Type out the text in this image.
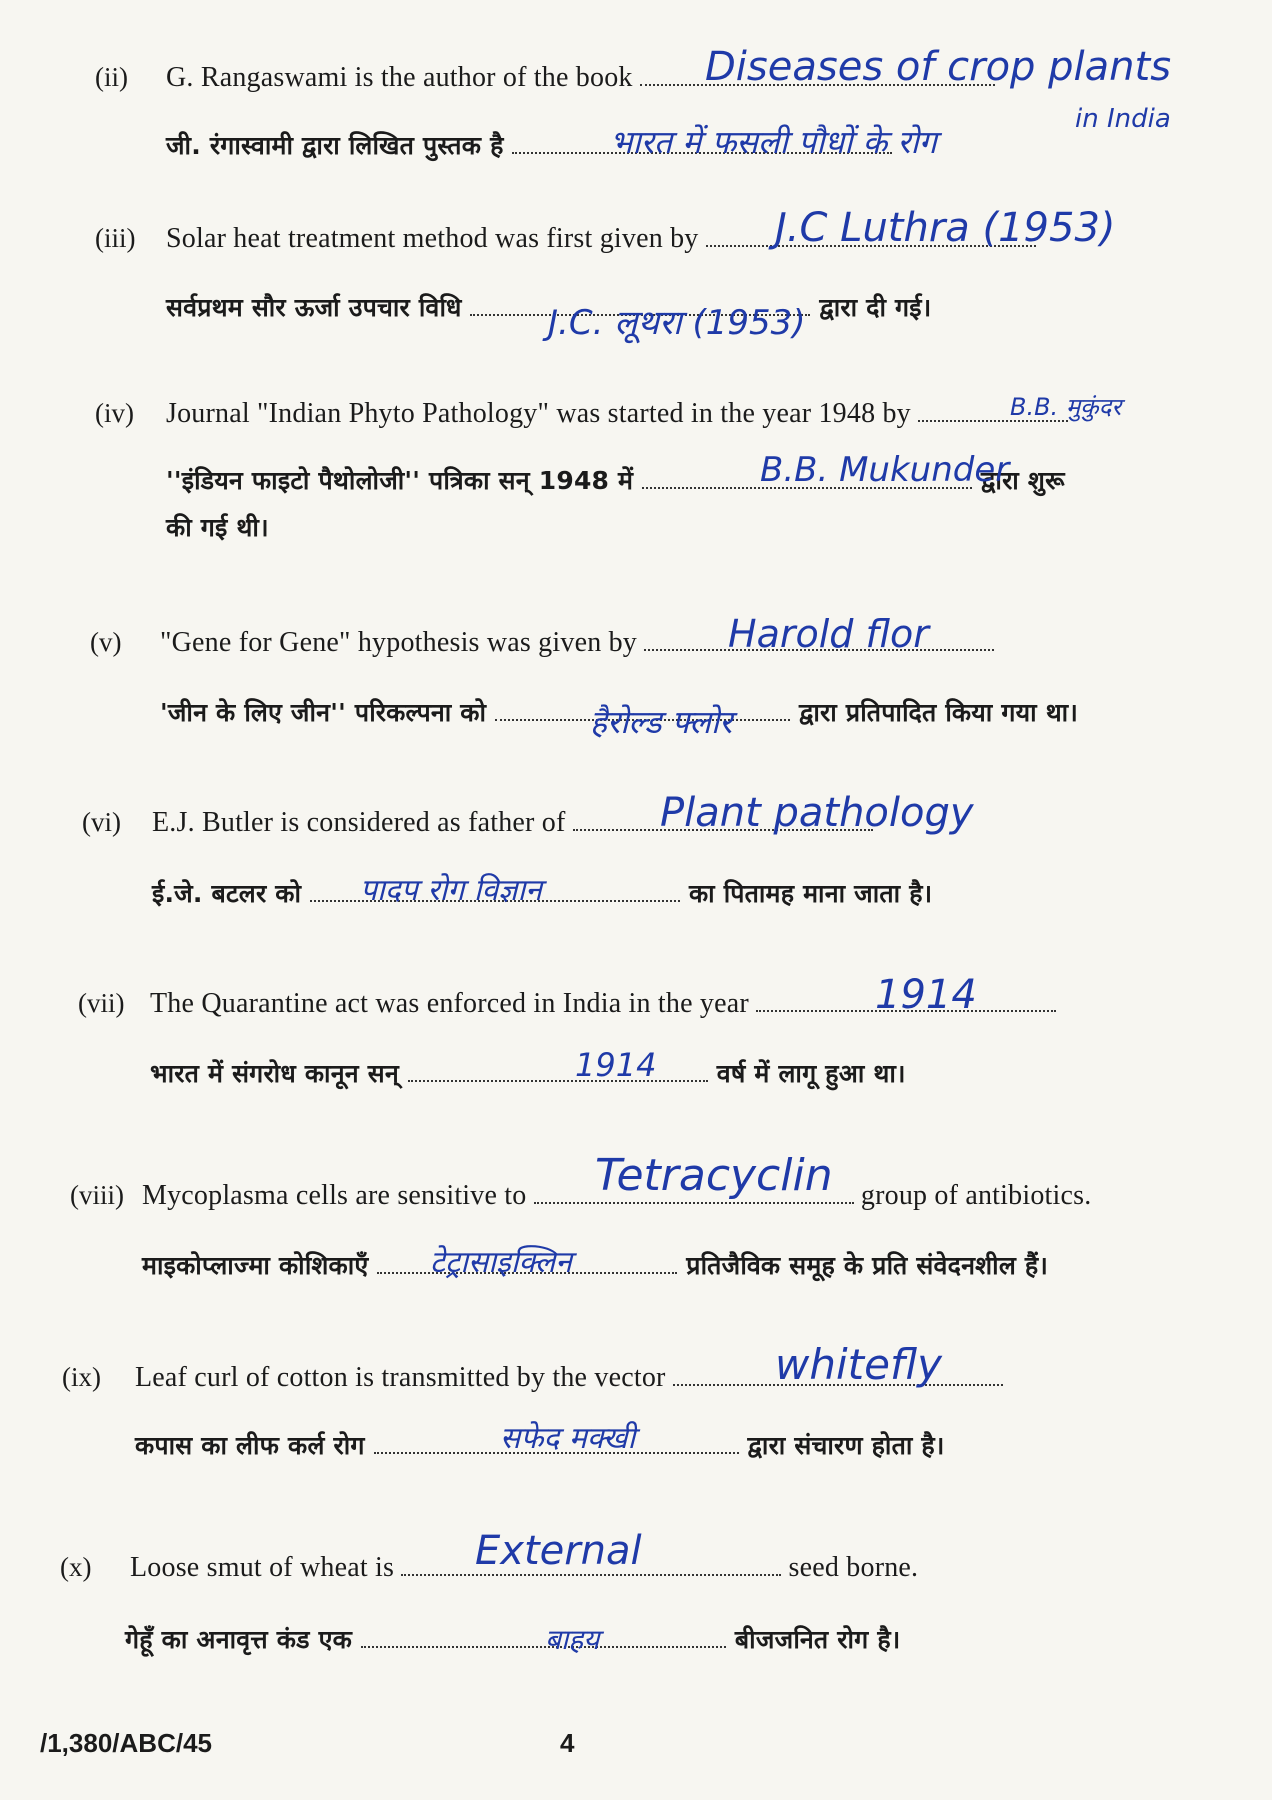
(ii) G. Rangaswami is the author of the book
जी. रंगास्वामी द्वारा लिखित पुस्तक है
Diseases of crop plants
in India
भारत में फसली पौधों के रोग
(iii) Solar heat treatment method was first given by
सर्वप्रथम सौर ऊर्जा उपचार विधि	द्वारा दी गई।
J.C Luthra (1953)
J.C. लूथरा (1953)
(iv) Journal "Indian Phyto Pathology" was started in the year 1948 by
''इंडियन फाइटो पैथोलोजी'' पत्रिका सन् 1948 में	द्वारा शुरू
की गई थी।
B.B. मुकुंदर
B.B. Mukunder
(v) "Gene for Gene" hypothesis was given by
'जीन के लिए जीन'' परिकल्पना को	द्वारा प्रतिपादित किया गया था।
Harold flor
हैरोल्ड फ्लोर
(vi) E.J. Butler is considered as father of
ई.जे. बटलर को	का पितामह माना जाता है।
Plant pathology
पादप रोग विज्ञान
(vii) The Quarantine act was enforced in India in the year
भारत में संगरोध कानून सन्	वर्ष में लागू हुआ था।
1914
1914
(viii) Mycoplasma cells are sensitive to	group of antibiotics.
माइकोप्लाज्मा कोशिकाएँ	प्रतिजैविक समूह के प्रति संवेदनशील हैं।
Tetracyclin
टेट्रासाइक्लिन
(ix) Leaf curl of cotton is transmitted by the vector
कपास का लीफ कर्ल रोग	द्वारा संचारण होता है।
whitefly
सफेद मक्खी
(x) Loose smut of wheat is	seed borne.
गेहूँ का अनावृत्त कंड एक	बीजजनित रोग है।
External
बाहय
/1,380/ABC/45	4
